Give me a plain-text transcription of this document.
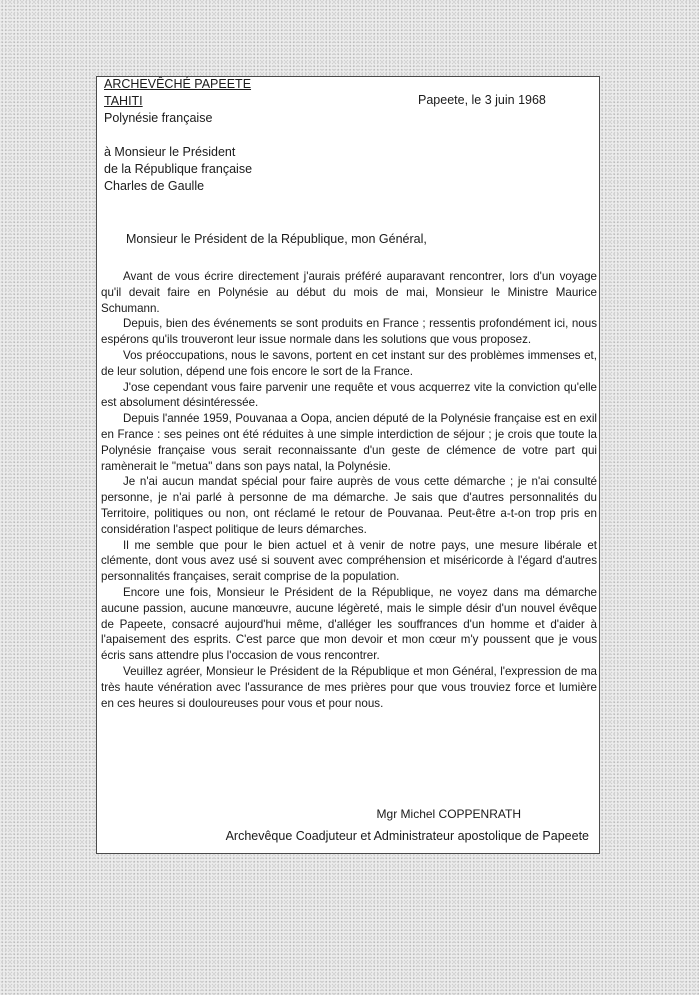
ARCHEVÊCHÉ PAPEETE
TAHITI
Polynésie française
Papeete, le 3 juin 1968
à Monsieur le Président
de la République française
Charles de Gaulle
Monsieur le Président de la République, mon Général,

Avant de vous écrire directement j'aurais préféré auparavant rencontrer, lors d'un voyage qu'il devait faire en Polynésie au début du mois de mai, Monsieur le Ministre Maurice Schumann.

Depuis, bien des événements se sont produits en France ; ressentis profondément ici, nous espérons qu'ils trouveront leur issue normale dans les solutions que vous proposez.

Vos préoccupations, nous le savons, portent en cet instant sur des problèmes immenses et, de leur solution, dépend une fois encore le sort de la France.

J'ose cependant vous faire parvenir une requête et vous acquerrez vite la conviction qu'elle est absolument désintéressée.

Depuis l'année 1959, Pouvanaa a Oopa, ancien député de la Polynésie française est en exil en France : ses peines ont été réduites à une simple interdiction de séjour ; je crois que toute la Polynésie française vous serait reconnaissante d'un geste de clémence de votre part qui ramènerait le "metua" dans son pays natal, la Polynésie.

Je n'ai aucun mandat spécial pour faire auprès de vous cette démarche ; je n'ai consulté personne, je n'ai parlé à personne de ma démarche. Je sais que d'autres personnalités du Territoire, politiques ou non, ont réclamé le retour de Pouvanaa. Peut-être a-t-on trop pris en considération l'aspect politique de leurs démarches.

Il me semble que pour le bien actuel et à venir de notre pays, une mesure libérale et clémente, dont vous avez usé si souvent avec compréhension et miséricorde à l'égard d'autres personnalités françaises, serait comprise de la population.

Encore une fois, Monsieur le Président de la République, ne voyez dans ma démarche aucune passion, aucune manœuvre, aucune légèreté, mais le simple désir d'un nouvel évêque de Papeete, consacré aujourd'hui même, d'alléger les souffrances d'un homme et d'aider à l'apaisement des esprits. C'est parce que mon devoir et mon cœur m'y poussent que je vous écris sans attendre plus l'occasion de vous rencontrer.

Veuillez agréer, Monsieur le Président de la République et mon Général, l'expression de ma très haute vénération avec l'assurance de mes prières pour que vous trouviez force et lumière en ces heures si douloureuses pour vous et pour nous.

Mgr Michel COPPENRATH
Archevêque Coadjuteur et Administrateur apostolique de Papeete
